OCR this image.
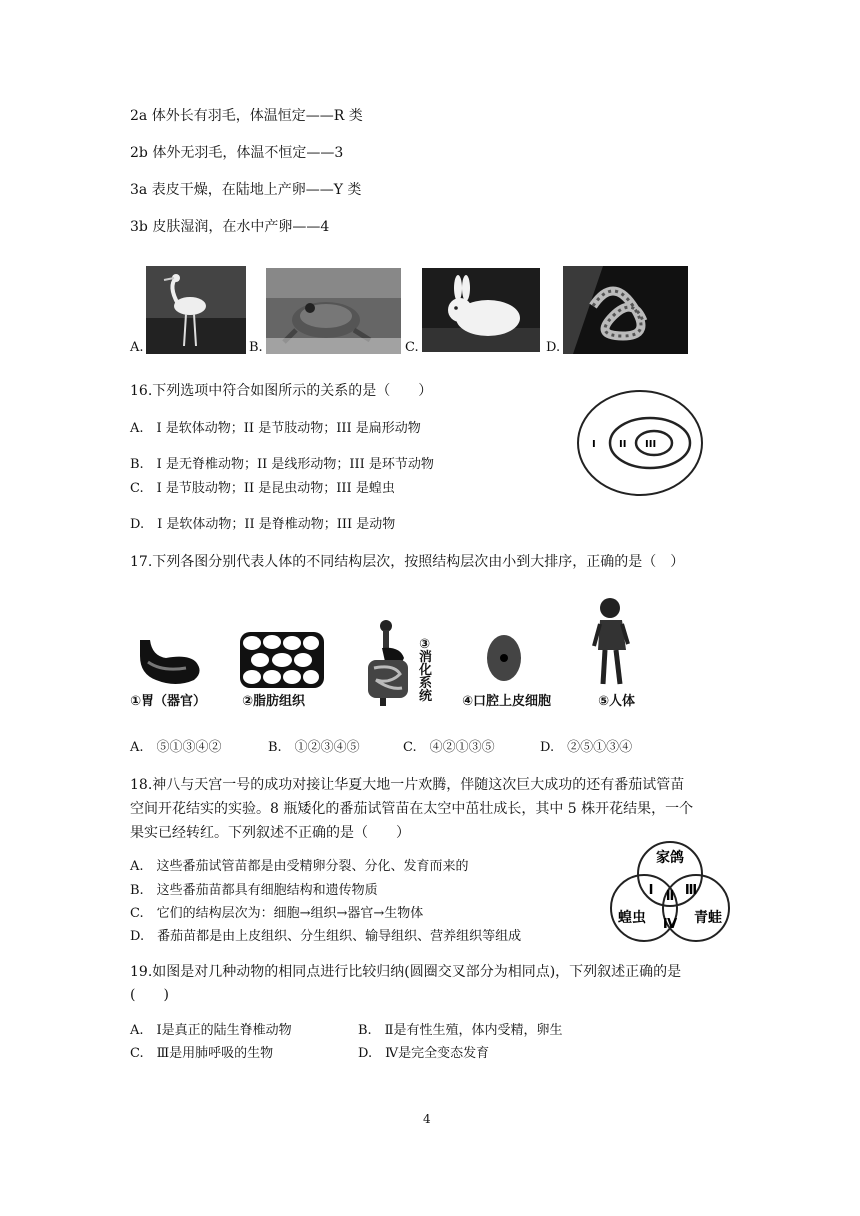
2a 体外长有羽毛，体温恒定——R 类
2b 体外无羽毛，体温不恒定——3
3a 表皮干燥，在陆地上产卵——Y 类
3b 皮肤湿润，在水中产卵——4
A.	B.	C.	D.
16.下列选项中符合如图所示的关系的是（　　）
A.　I 是软体动物；II 是节肢动物；III 是扁形动物
B.　I 是无脊椎动物；II 是线形动物；III 是环节动物
C.　I 是节肢动物；II 是昆虫动物；III 是蝗虫
D.　I 是软体动物；II 是脊椎动物；III 是动物
I II III
17.下列各图分别代表人体的不同结构层次，按照结构层次由小到大排序，正确的是（　）
①胃（器官）	②脂肪组织
③
消
化
系
统 ④口腔上皮细胞	⑤人体
A.　⑤①③④②	B.　①②③④⑤	C.　④②①③⑤	D.　②⑤①③④
18.神八与天宫一号的成功对接让华夏大地一片欢腾，伴随这次巨大成功的还有番茄试管苗
空间开花结实的实验。8 瓶矮化的番茄试管苗在太空中茁壮成长，其中 5 株开花结果，一个
果实已经转红。下列叙述不正确的是（　　）
A.　这些番茄试管苗都是由受精卵分裂、分化、发育而来的
B.　这些番茄苗都具有细胞结构和遗传物质
C.　它们的结构层次为：细胞→组织→器官→生物体
D.　番茄苗都是由上皮组织、分生组织、输导组织、营养组织等组成
家鸽
蝗虫	青蛙
Ⅰ Ⅱ Ⅲ
Ⅳ
19.如图是对几种动物的相同点进行比较归纳(圆圈交叉部分为相同点)，下列叙述正确的是
(　　)
A.　Ⅰ是真正的陆生脊椎动物	B.　Ⅱ是有性生殖，体内受精，卵生
C.　Ⅲ是用肺呼吸的生物	D.　Ⅳ是完全变态发育
4
